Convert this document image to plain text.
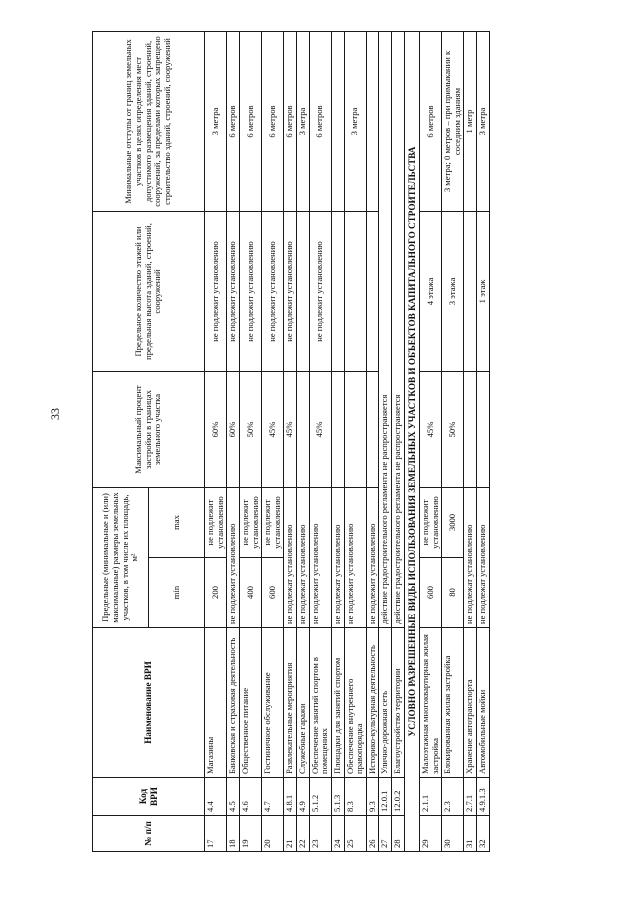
33
№ п/п	Код ВРИ	Наименование ВРИ	Предельные (минимальные и (или) максимальные) размеры земельных участков, в том числе их площадь, м²		Максимальный процент застройки в границах земельного участка	Предельное количество этажей или предельная высота зданий, строений, сооружений	Минимальные отступы от границ земельных участков в целях определения мест допустимого размещения зданий, строений, сооружений, за пределами которых запрещено строительство зданий, строений, сооружений
			min	max			
17	4.4	Магазины	200	не подлежит установлению	60%	не подлежит установлению	3 метра
18	4.5	Банковская и страховая деятельность	не подлежит установлению		60%	не подлежит установлению	6 метров
19	4.6	Общественное питание	400	не подлежит установлению	50%	не подлежит установлению	6 метров
20	4.7	Гостиничное обслуживание	600	не подлежит установлению	45%	не подлежит установлению	6 метров
21	4.8.1	Развлекательные мероприятия	не подлежат установлению		45%	не подлежит установлению	6 метров
22	4.9	Служебные гаражи	не подлежат установлению				3 метра
23	5.1.2	Обеспечение занятий спортом в помещениях	не подлежит установлению		45%	не подлежит установлению	6 метров
24	5.1.3	Площадки для занятий спортом	не подлежат установлению				
25	8.3	Обеспечение внутреннего правопорядка	не подлежит установлению				3 метра
26	9.3	Историко-культурная деятельность	не подлежит установлению				
27	12.0.1	Улично-дорожная сеть	действие градостроительного регламента не распространяется				
28	12.0.2	Благоустройство территории	действие градостроительного регламента не распространяется				
УСЛОВНО РАЗРЕШЕННЫЕ ВИДЫ ИСПОЛЬЗОВАНИЯ ЗЕМЕЛЬНЫХ УЧАСТКОВ И ОБЪЕКТОВ КАПИТАЛЬНОГО СТРОИТЕЛЬСТВА							
29	2.1.1	Малоэтажная многоквартирная жилая застройка	600	не подлежит установлению	45%	4 этажа	6 метров
30	2.3	Блокированная жилая застройка	80	3000	50%	3 этажа	3 метра; 0 метров – при примыкании к соседним зданиям
31	2.7.1	Хранение автотранспорта	не подлежат установлению				1 метр
32	4.9.1.3	Автомобильные мойки	не подлежат установлению			1 этаж	3 метра
